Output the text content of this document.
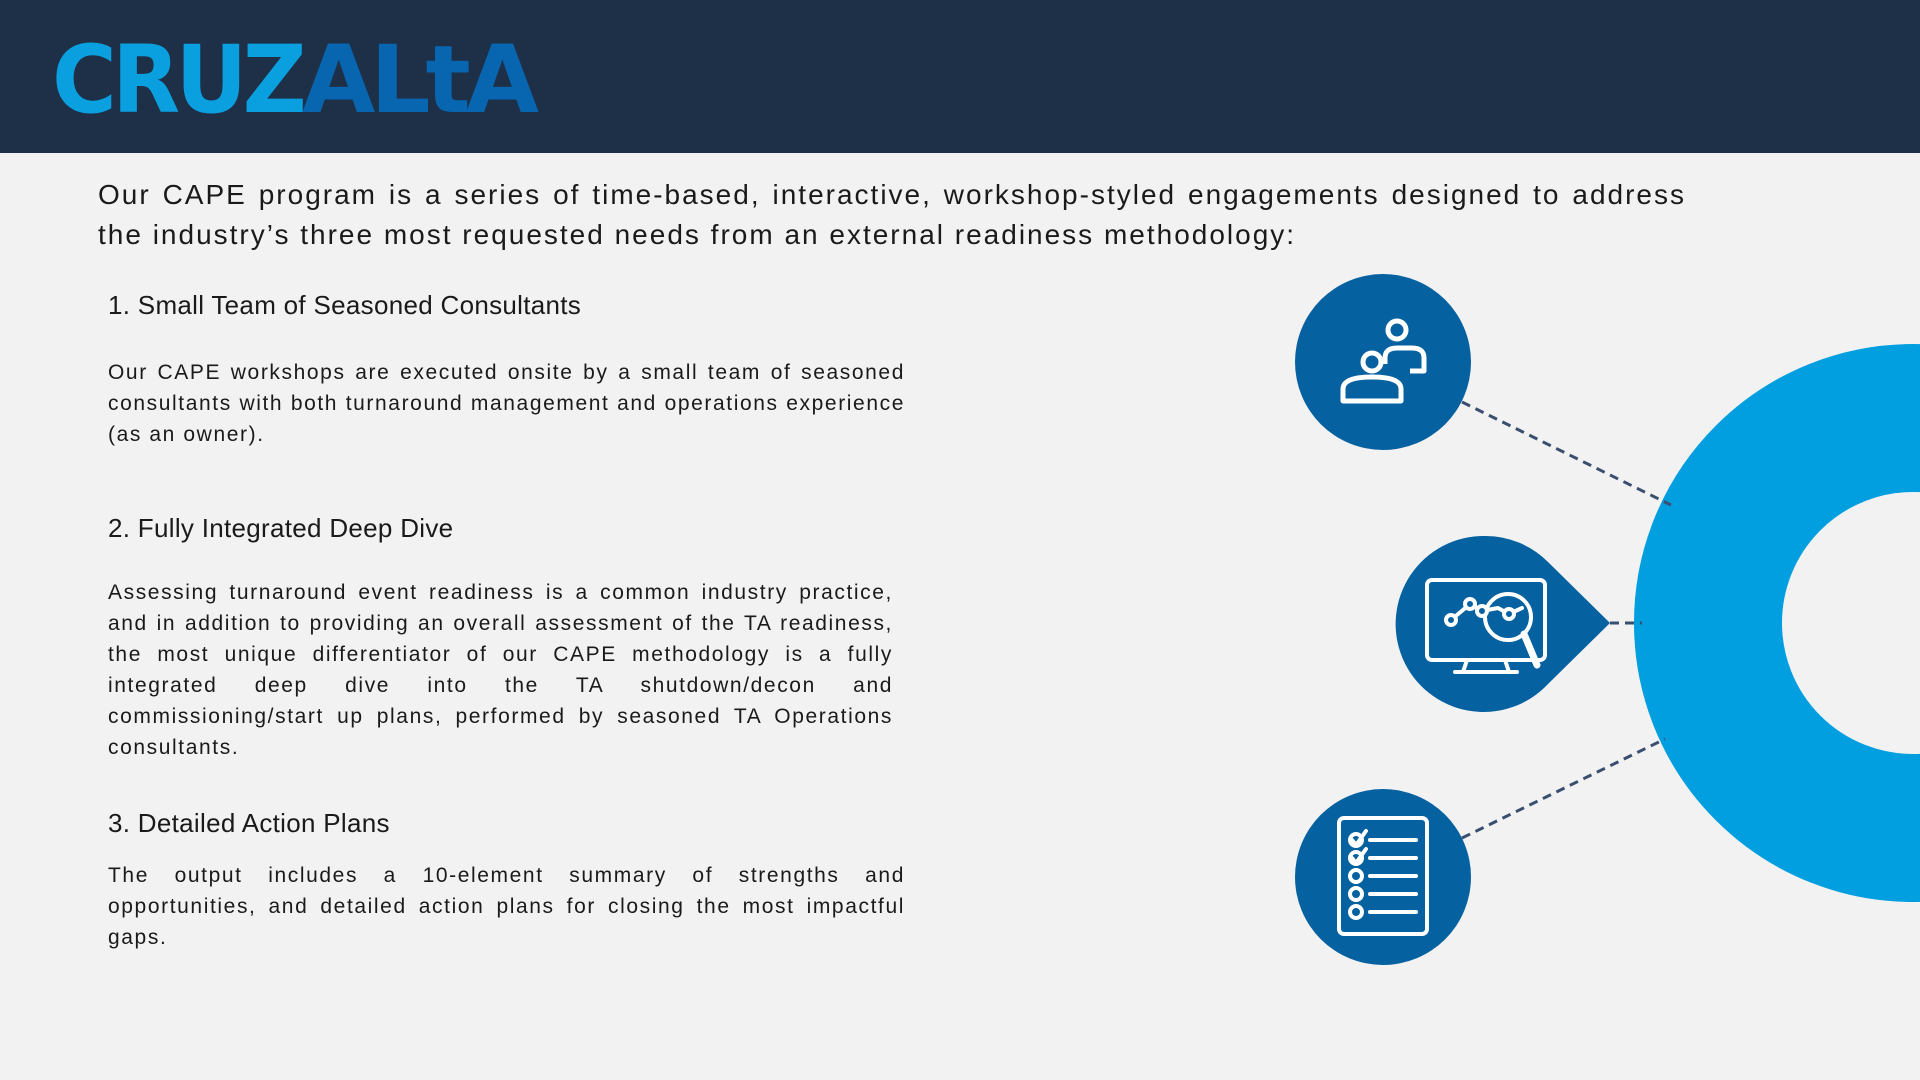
CRUZ ALtA

Our CAPE program is a series of time-based, interactive, workshop-styled engagements designed to address the industry’s three most requested needs from an external readiness methodology:

1. Small Team of Seasoned Consultants

Our CAPE workshops are executed onsite by a small team of seasoned consultants with both turnaround management and operations experience (as an owner).

2. Fully Integrated Deep Dive

Assessing turnaround event readiness is a common industry practice, and in addition to providing an overall assessment of the TA readiness, the most unique differentiator of our CAPE methodology is a fully integrated deep dive into the TA shutdown/decon and commissioning/start up plans, performed by seasoned TA Operations consultants.

3. Detailed Action Plans

The output includes a 10-element summary of strengths and opportunities, and detailed action plans for closing the most impactful gaps.
